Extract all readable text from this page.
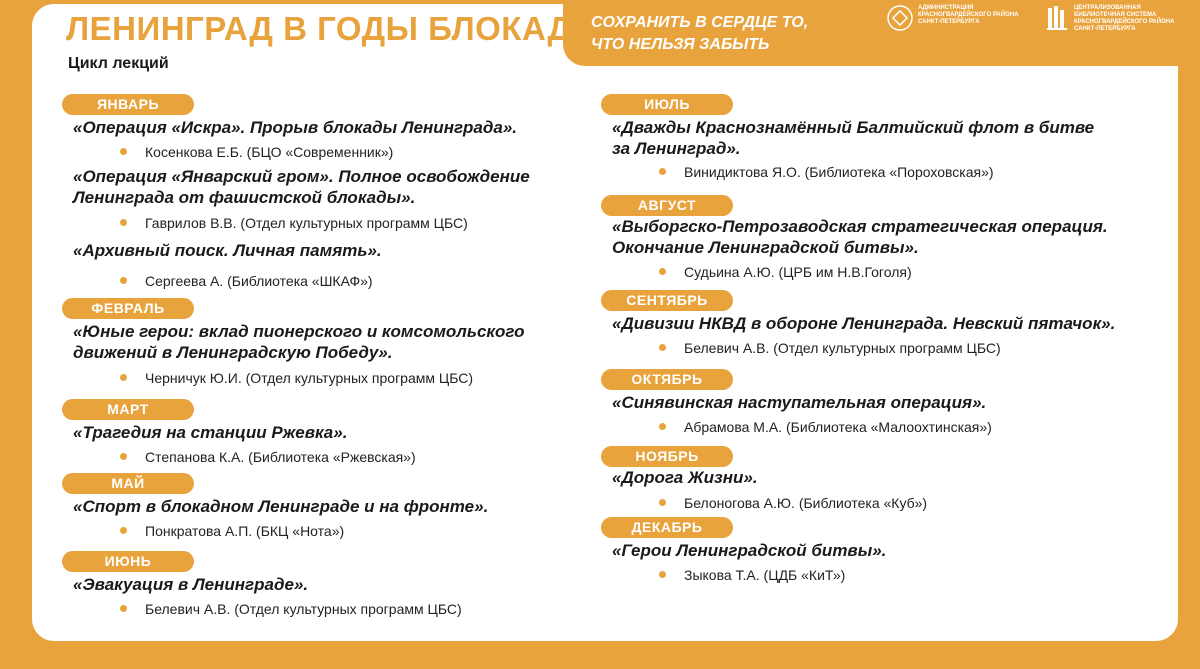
ЛЕНИНГРАД В ГОДЫ БЛОКАДЫ
Цикл лекций
СОХРАНИТЬ В СЕРДЦЕ ТО,
ЧТО НЕЛЬЗЯ ЗАБЫТЬ
АДМИНИСТРАЦИЯ
КРАСНОГВАРДЕЙСКОГО РАЙОНА
САНКТ-ПЕТЕРБУРГА
ЦЕНТРАЛИЗОВАННАЯ
БИБЛИОТЕЧНАЯ СИСТЕМА
КРАСНОГВАРДЕЙСКОГО РАЙОНА
САНКТ-ПЕТЕРБУРГА
ЯНВАРЬ
«Операция «Искра». Прорыв блокады Ленинграда».
Косенкова Е.Б. (БЦО «Современник»)
«Операция «Январский гром». Полное освобождение
Ленинграда от фашистской блокады».
Гаврилов В.В. (Отдел культурных программ ЦБС)
«Архивный поиск. Личная память».
Сергеева А. (Библиотека «ШКАФ»)
ФЕВРАЛЬ
«Юные герои: вклад пионерского и комсомольского
движений в Ленинградскую Победу».
Черничук Ю.И. (Отдел культурных программ ЦБС)
МАРТ
«Трагедия на станции Ржевка».
Степанова К.А. (Библиотека «Ржевская»)
МАЙ
«Спорт в блокадном Ленинграде и на фронте».
Понкратова А.П. (БКЦ «Нота»)
ИЮНЬ
«Эвакуация в Ленинграде».
Белевич А.В. (Отдел культурных программ ЦБС)
ИЮЛЬ
«Дважды Краснознамённый Балтийский флот в битве
за Ленинград».
Винидиктова Я.О. (Библиотека «Пороховская»)
АВГУСТ
«Выборгско-Петрозаводская стратегическая операция.
Окончание Ленинградской битвы».
Судьина А.Ю. (ЦРБ им Н.В.Гоголя)
СЕНТЯБРЬ
«Дивизии НКВД в обороне Ленинграда. Невский пятачок».
Белевич А.В. (Отдел культурных программ ЦБС)
ОКТЯБРЬ
«Синявинская наступательная операция».
Абрамова М.А. (Библиотека «Малоохтинская»)
НОЯБРЬ
«Дорога Жизни».
Белоногова А.Ю. (Библиотека «Куб»)
ДЕКАБРЬ
«Герои Ленинградской битвы».
Зыкова Т.А. (ЦДБ «КиТ»)
